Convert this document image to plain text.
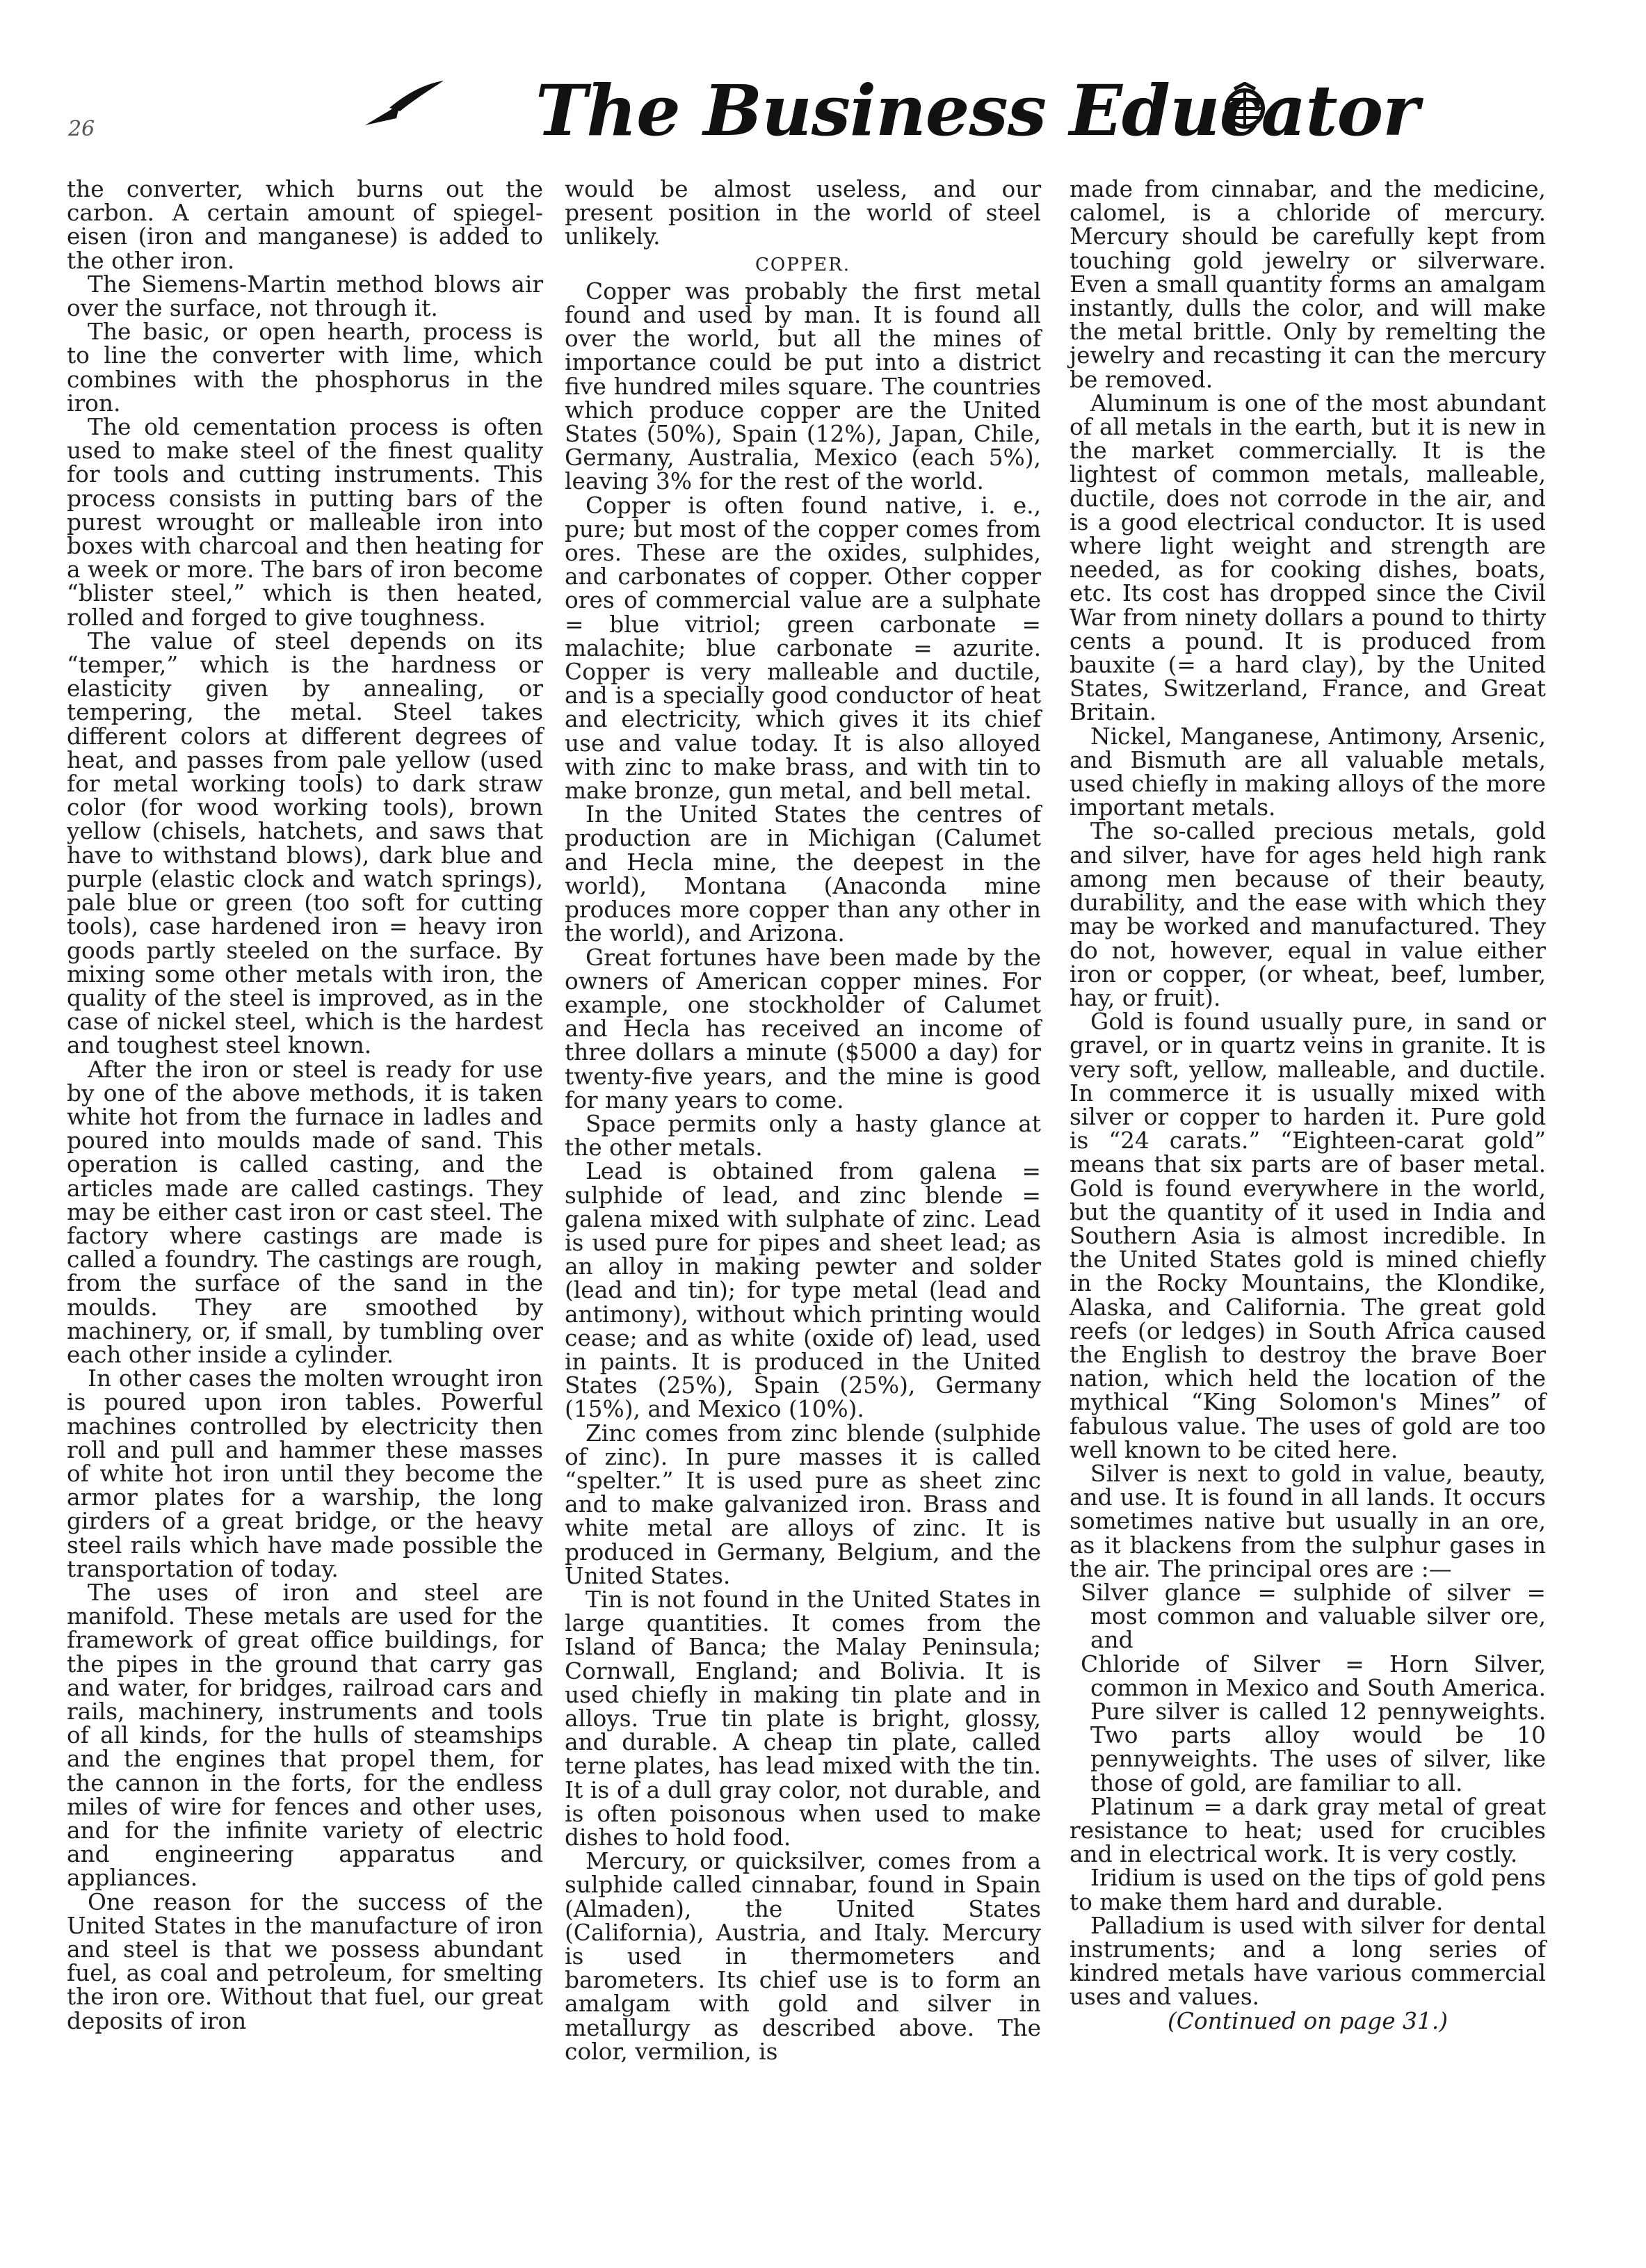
26	The Business Educator

the converter, which burns out the carbon. A certain amount of spiegel-eisen (iron and manganese) is added to the other iron.

The Siemens-Martin method blows air over the surface, not through it.

The basic, or open hearth, process is to line the converter with lime, which combines with the phosphorus in the iron.

The old cementation process is often used to make steel of the finest quality for tools and cutting instruments. This process consists in putting bars of the purest wrought or malleable iron into boxes with charcoal and then heating for a week or more. The bars of iron become “blister steel,” which is then heated, rolled and forged to give toughness.

The value of steel depends on its “temper,” which is the hardness or elasticity given by annealing, or tempering, the metal. Steel takes different colors at different degrees of heat, and passes from pale yellow (used for metal working tools) to dark straw color (for wood working tools), brown yellow (chisels, hatchets, and saws that have to withstand blows), dark blue and purple (elastic clock and watch springs), pale blue or green (too soft for cutting tools), case hardened iron = heavy iron goods partly steeled on the surface. By mixing some other metals with iron, the quality of the steel is improved, as in the case of nickel steel, which is the hardest and toughest steel known.

After the iron or steel is ready for use by one of the above methods, it is taken white hot from the furnace in ladles and poured into moulds made of sand. This operation is called casting, and the articles made are called castings. They may be either cast iron or cast steel. The factory where castings are made is called a foundry. The castings are rough, from the surface of the sand in the moulds. They are smoothed by machinery, or, if small, by tumbling over each other inside a cylinder.

In other cases the molten wrought iron is poured upon iron tables. Powerful machines controlled by electricity then roll and pull and hammer these masses of white hot iron until they become the armor plates for a warship, the long girders of a great bridge, or the heavy steel rails which have made possible the transportation of today.

The uses of iron and steel are manifold. These metals are used for the framework of great office buildings, for the pipes in the ground that carry gas and water, for bridges, railroad cars and rails, machinery, instruments and tools of all kinds, for the hulls of steamships and the engines that propel them, for the cannon in the forts, for the endless miles of wire for fences and other uses, and for the infinite variety of electric and engineering apparatus and appliances.

One reason for the success of the United States in the manufacture of iron and steel is that we possess abundant fuel, as coal and petroleum, for smelting the iron ore. Without that fuel, our great deposits of iron

would be almost useless, and our present position in the world of steel unlikely.

COPPER.

Copper was probably the first metal found and used by man. It is found all over the world, but all the mines of importance could be put into a district five hundred miles square. The countries which produce copper are the United States (50%), Spain (12%), Japan, Chile, Germany, Australia, Mexico (each 5%), leaving 3% for the rest of the world.

Copper is often found native, i. e., pure; but most of the copper comes from ores. These are the oxides, sulphides, and carbonates of copper. Other copper ores of commercial value are a sulphate = blue vitriol; green carbonate = malachite; blue carbonate = azurite. Copper is very malleable and ductile, and is a specially good conductor of heat and electricity, which gives it its chief use and value today. It is also alloyed with zinc to make brass, and with tin to make bronze, gun metal, and bell metal.

In the United States the centres of production are in Michigan (Calumet and Hecla mine, the deepest in the world), Montana (Anaconda mine produces more copper than any other in the world), and Arizona.

Great fortunes have been made by the owners of American copper mines. For example, one stockholder of Calumet and Hecla has received an income of three dollars a minute ($5000 a day) for twenty-five years, and the mine is good for many years to come.

Space permits only a hasty glance at the other metals.

Lead is obtained from galena = sulphide of lead, and zinc blende = galena mixed with sulphate of zinc. Lead is used pure for pipes and sheet lead; as an alloy in making pewter and solder (lead and tin); for type metal (lead and antimony), without which printing would cease; and as white (oxide of) lead, used in paints. It is produced in the United States (25%), Spain (25%), Germany (15%), and Mexico (10%).

Zinc comes from zinc blende (sulphide of zinc). In pure masses it is called “spelter.” It is used pure as sheet zinc and to make galvanized iron. Brass and white metal are alloys of zinc. It is produced in Germany, Belgium, and the United States.

Tin is not found in the United States in large quantities. It comes from the Island of Banca; the Malay Peninsula; Cornwall, England; and Bolivia. It is used chiefly in making tin plate and in alloys. True tin plate is bright, glossy, and durable. A cheap tin plate, called terne plates, has lead mixed with the tin. It is of a dull gray color, not durable, and is often poisonous when used to make dishes to hold food.

Mercury, or quicksilver, comes from a sulphide called cinnabar, found in Spain (Almaden), the United States (California), Austria, and Italy. Mercury is used in thermometers and barometers. Its chief use is to form an amalgam with gold and silver in metallurgy as described above. The color, vermilion, is

made from cinnabar, and the medicine, calomel, is a chloride of mercury. Mercury should be carefully kept from touching gold jewelry or silverware. Even a small quantity forms an amalgam instantly, dulls the color, and will make the metal brittle. Only by remelting the jewelry and recasting it can the mercury be removed.

Aluminum is one of the most abundant of all metals in the earth, but it is new in the market commercially. It is the lightest of common metals, malleable, ductile, does not corrode in the air, and is a good electrical conductor. It is used where light weight and strength are needed, as for cooking dishes, boats, etc. Its cost has dropped since the Civil War from ninety dollars a pound to thirty cents a pound. It is produced from bauxite (= a hard clay), by the United States, Switzerland, France, and Great Britain.

Nickel, Manganese, Antimony, Arsenic, and Bismuth are all valuable metals, used chiefly in making alloys of the more important metals.

The so-called precious metals, gold and silver, have for ages held high rank among men because of their beauty, durability, and the ease with which they may be worked and manufactured. They do not, however, equal in value either iron or copper, (or wheat, beef, lumber, hay, or fruit).

Gold is found usually pure, in sand or gravel, or in quartz veins in granite. It is very soft, yellow, malleable, and ductile. In commerce it is usually mixed with silver or copper to harden it. Pure gold is “24 carats.” “Eighteen-carat gold” means that six parts are of baser metal. Gold is found everywhere in the world, but the quantity of it used in India and Southern Asia is almost incredible. In the United States gold is mined chiefly in the Rocky Mountains, the Klondike, Alaska, and California. The great gold reefs (or ledges) in South Africa caused the English to destroy the brave Boer nation, which held the location of the mythical “King Solomon's Mines” of fabulous value. The uses of gold are too well known to be cited here.

Silver is next to gold in value, beauty, and use. It is found in all lands. It occurs sometimes native but usually in an ore, as it blackens from the sulphur gases in the air. The principal ores are :—

Silver glance = sulphide of silver = most common and valuable silver ore, and

Chloride of Silver = Horn Silver, common in Mexico and South America. Pure silver is called 12 pennyweights. Two parts alloy would be 10 pennyweights. The uses of silver, like those of gold, are familiar to all.

Platinum = a dark gray metal of great resistance to heat; used for crucibles and in electrical work. It is very costly.

Iridium is used on the tips of gold pens to make them hard and durable.

Palladium is used with silver for dental instruments; and a long series of kindred metals have various commercial uses and values.

(Continued on page 31.)
